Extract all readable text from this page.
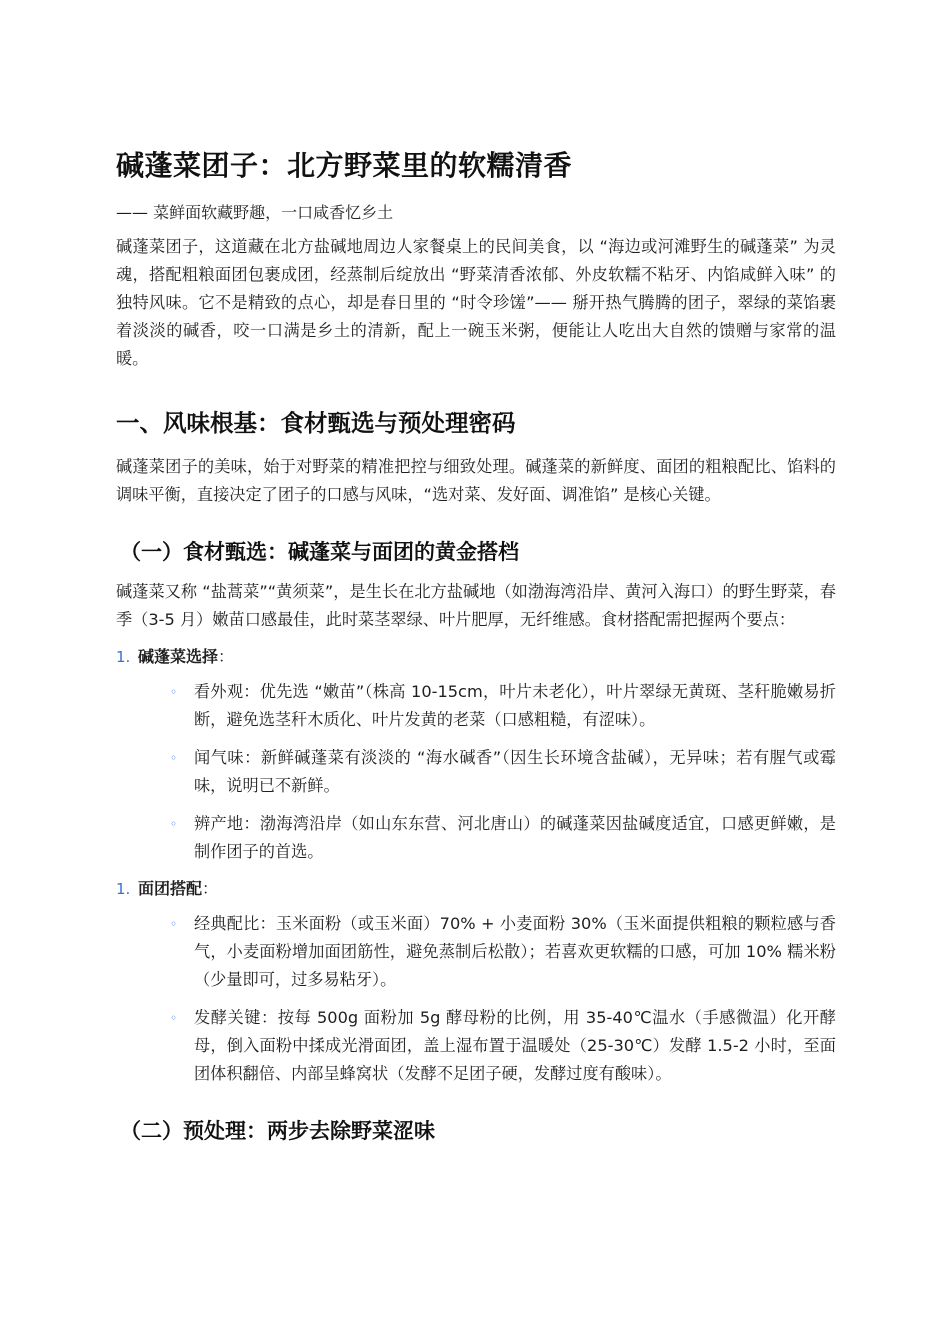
碱蓬菜团子：北方野菜里的软糯清香
—— 菜鲜面软藏野趣，一口咸香忆乡土

碱蓬菜团子，这道藏在北方盐碱地周边人家餐桌上的民间美食，以 “海边或河滩野生的碱蓬菜” 为灵魂，搭配粗粮面团包裹成团，经蒸制后绽放出 “野菜清香浓郁、外皮软糯不粘牙、内馅咸鲜入味” 的独特风味。它不是精致的点心，却是春日里的 “时令珍馐”—— 掰开热气腾腾的团子，翠绿的菜馅裹着淡淡的碱香，咬一口满是乡土的清新，配上一碗玉米粥，便能让人吃出大自然的馈赠与家常的温暖。

一、风味根基：食材甄选与预处理密码

碱蓬菜团子的美味，始于对野菜的精准把控与细致处理。碱蓬菜的新鲜度、面团的粗粮配比、馅料的调味平衡，直接决定了团子的口感与风味，“选对菜、发好面、调准馅” 是核心关键。

（一）食材甄选：碱蓬菜与面团的黄金搭档

碱蓬菜又称 “盐蒿菜”“黄须菜”，是生长在北方盐碱地（如渤海湾沿岸、黄河入海口）的野生野菜，春季（3-5 月）嫩苗口感最佳，此时菜茎翠绿、叶片肥厚，无纤维感。食材搭配需把握两个要点：

1. 碱蓬菜选择：
◦ 看外观：优先选 “嫩苗”（株高 10-15cm，叶片未老化），叶片翠绿无黄斑、茎秆脆嫩易折断，避免选茎秆木质化、叶片发黄的老菜（口感粗糙，有涩味）。
◦ 闻气味：新鲜碱蓬菜有淡淡的 “海水碱香”（因生长环境含盐碱），无异味；若有腥气或霉味，说明已不新鲜。
◦ 辨产地：渤海湾沿岸（如山东东营、河北唐山）的碱蓬菜因盐碱度适宜，口感更鲜嫩，是制作团子的首选。
1. 面团搭配：
◦ 经典配比：玉米面粉（或玉米面）70% + 小麦面粉 30%（玉米面提供粗粮的颗粒感与香气，小麦面粉增加面团筋性，避免蒸制后松散）；若喜欢更软糯的口感，可加 10% 糯米粉（少量即可，过多易粘牙）。
◦ 发酵关键：按每 500g 面粉加 5g 酵母粉的比例，用 35-40℃温水（手感微温）化开酵母，倒入面粉中揉成光滑面团，盖上湿布置于温暖处（25-30℃）发酵 1.5-2 小时，至面团体积翻倍、内部呈蜂窝状（发酵不足团子硬，发酵过度有酸味）。
（二）预处理：两步去除野菜涩味
